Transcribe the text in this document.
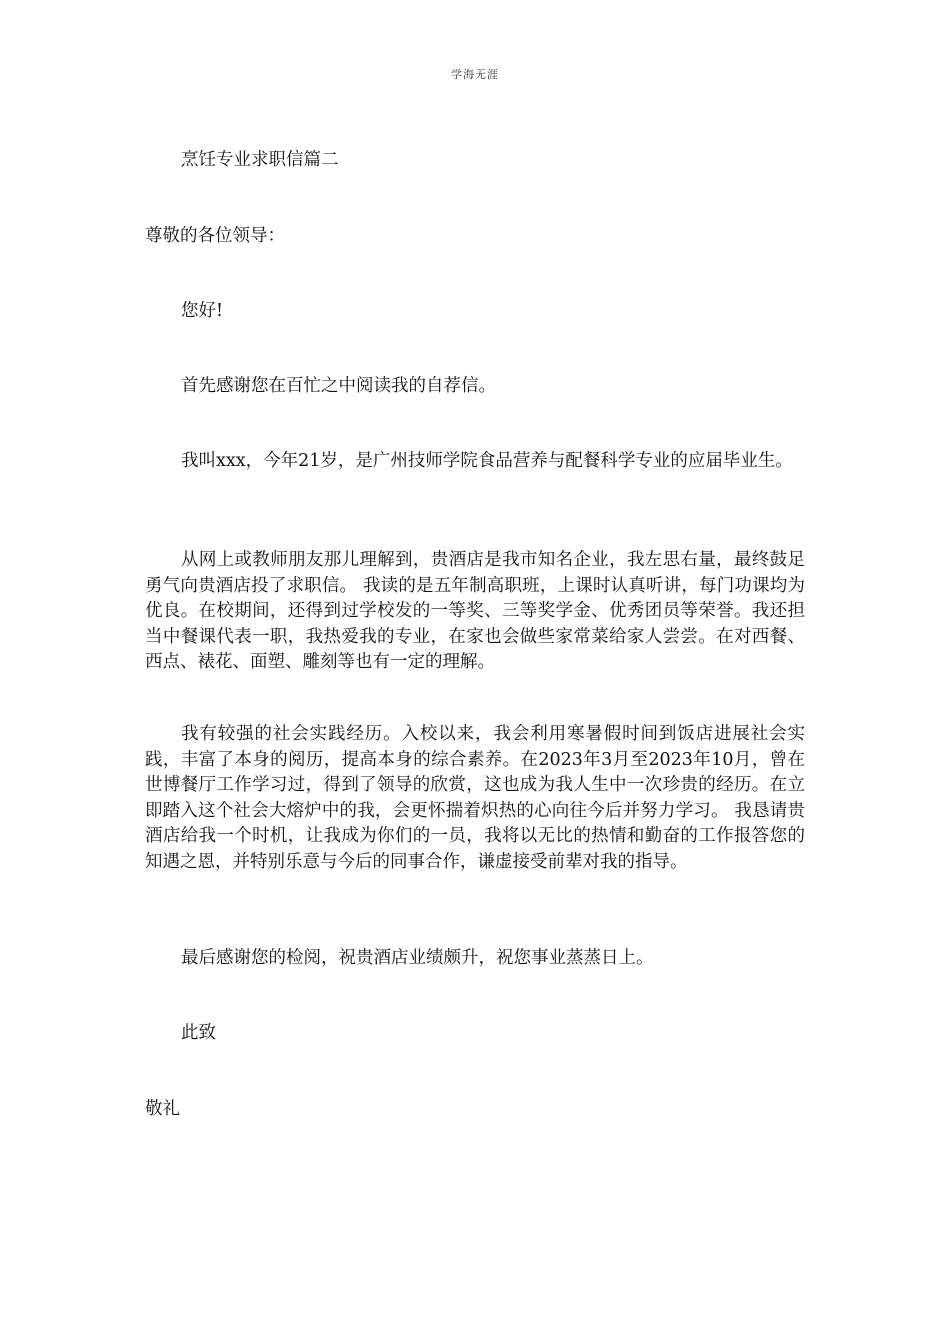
学海无涯

烹饪专业求职信篇二

尊敬的各位领导：

您好!

首先感谢您在百忙之中阅读我的自荐信。

我叫xxx，今年21岁，是广州技师学院食品营养与配餐科学专业的应届毕业生。

从网上或教师朋友那儿理解到，贵酒店是我市知名企业，我左思右量，最终鼓足勇气向贵酒店投了求职信。 我读的是五年制高职班，上课时认真听讲，每门功课均为优良。在校期间，还得到过学校发的一等奖、三等奖学金、优秀团员等荣誉。我还担当中餐课代表一职，我热爱我的专业，在家也会做些家常菜给家人尝尝。在对西餐、西点、裱花、面塑、雕刻等也有一定的理解。

我有较强的社会实践经历。入校以来，我会利用寒暑假时间到饭店进展社会实践，丰富了本身的阅历，提高本身的综合素养。在2023年3月至2023年10月，曾在世博餐厅工作学习过，得到了领导的欣赏，这也成为我人生中一次珍贵的经历。在立即踏入这个社会大熔炉中的我，会更怀揣着炽热的心向往今后并努力学习。 我恳请贵酒店给我一个时机，让我成为你们的一员，我将以无比的热情和勤奋的工作报答您的知遇之恩，并特别乐意与今后的同事合作，谦虚接受前辈对我的指导。

最后感谢您的检阅，祝贵酒店业绩颇升，祝您事业蒸蒸日上。

此致

敬礼
